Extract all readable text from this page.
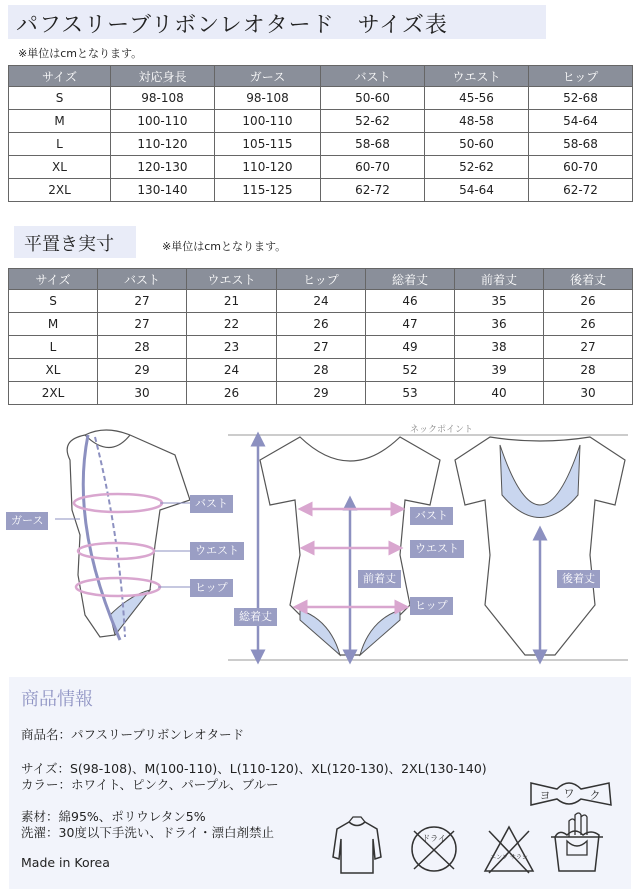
パフスリーブリボンレオタード　サイズ表
※単位はcmとなります。
サイズ	対応身長	ガース	バスト	ウエスト	ヒップ
S	98-108	98-108	50-60	45-56	52-68
M	100-110	100-110	52-62	48-58	54-64
L	110-120	105-115	58-68	50-60	58-68
XL	120-130	110-120	60-70	52-62	60-70
2XL	130-140	115-125	62-72	54-64	62-72
平置き実寸	※単位はcmとなります。
サイズ	バスト	ウエスト	ヒップ	総着丈	前着丈	後着丈
S	27	21	24	46	35	26
M	27	22	26	47	36	26
L	28	23	27	49	38	27
XL	29	24	28	52	39	28
2XL	30	26	29	53	40	30
ガース
バスト
ウエスト
ヒップ
ネックポイント
総着丈
前着丈
バスト
ウエスト
ヒップ
後着丈
商品情報
商品名：パフスリーブリボンレオタード
サイズ：S(98-108)、M(100-110)、L(110-120)、XL(120-130)、2XL(130-140)
カラー：ホワイト、ピンク、パープル、ブルー
素材：綿95%、ポリウレタン5%
洗濯：30度以下手洗い、ドライ・漂白剤禁止
Made in Korea
ヨ ワ ク
ドライ
エンソ サラシ
